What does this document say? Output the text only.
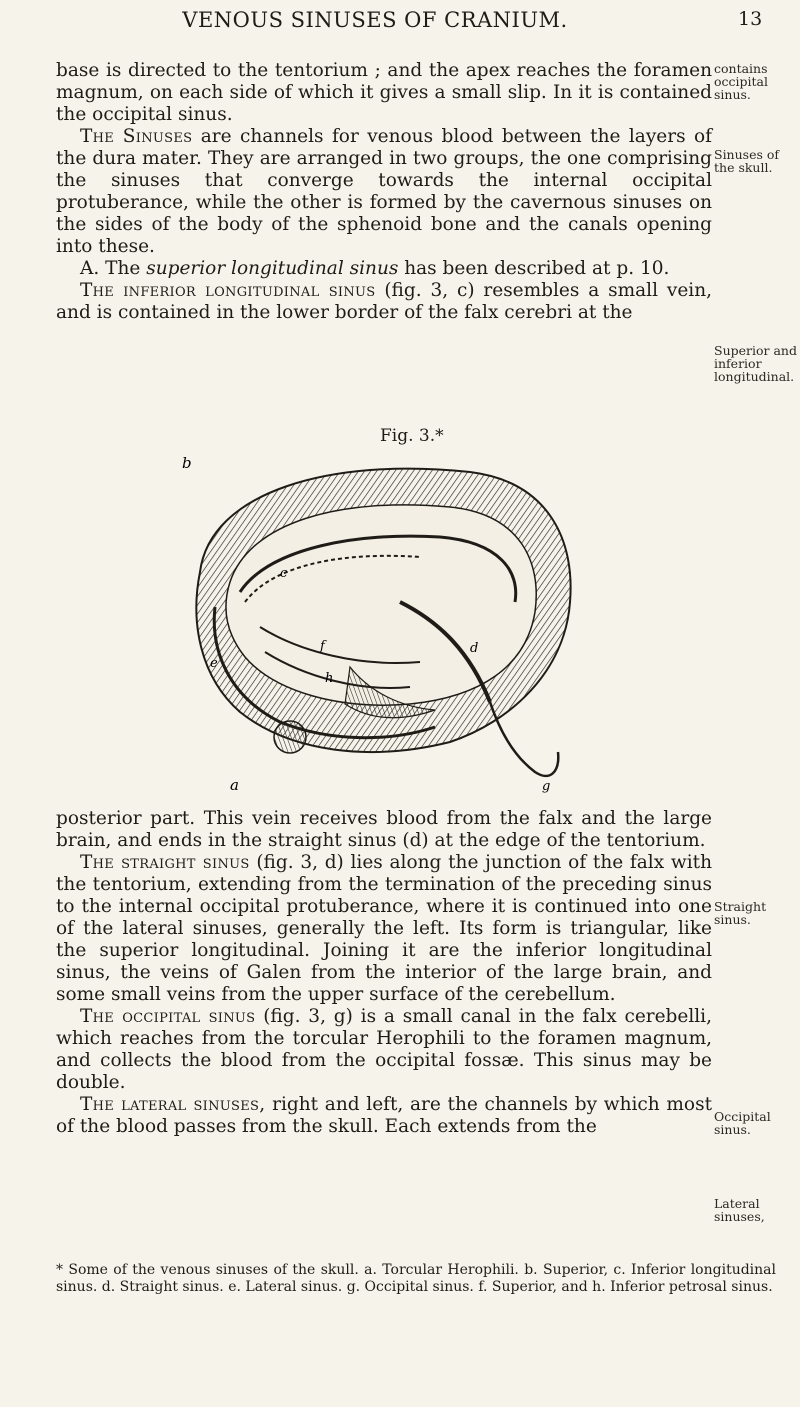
VENOUS SINUSES OF CRANIUM.	13

base is directed to the tentorium ; and the apex reaches the foramen magnum, on each side of which it gives a small slip. In it is contained the occipital sinus.

The Sinuses are channels for venous blood between the layers of the dura mater. They are arranged in two groups, the one comprising the sinuses that converge towards the internal occipital protuberance, while the other is formed by the cavernous sinuses on the sides of the body of the sphenoid bone and the canals opening into these.

A. The superior longitudinal sinus has been described at p. 10.

The inferior longitudinal sinus (fig. 3, c) resembles a small vein, and is contained in the lower border of the falx cerebri at the

contains occipital sinus.
Sinuses of the skull.
Superior and inferior longitudinal.
Fig. 3.*
b
c
d
e
f
g
h
a

posterior part. This vein receives blood from the falx and the large brain, and ends in the straight sinus (d) at the edge of the tentorium.

The straight sinus (fig. 3, d) lies along the junction of the falx with the tentorium, extending from the termination of the preceding sinus to the internal occipital protuberance, where it is continued into one of the lateral sinuses, generally the left. Its form is triangular, like the superior longitudinal. Joining it are the inferior longitudinal sinus, the veins of Galen from the interior of the large brain, and some small veins from the upper surface of the cerebellum.

The occipital sinus (fig. 3, g) is a small canal in the falx cerebelli, which reaches from the torcular Herophili to the foramen magnum, and collects the blood from the occipital fossæ. This sinus may be double.

The lateral sinuses, right and left, are the channels by which most of the blood passes from the skull. Each extends from the

Straight sinus.
Occipital sinus.
Lateral sinuses,

* Some of the venous sinuses of the skull. a. Torcular Herophili. b. Superior, c. Inferior longitudinal sinus. d. Straight sinus. e. Lateral sinus. g. Occipital sinus. f. Superior, and h. Inferior petrosal sinus.
